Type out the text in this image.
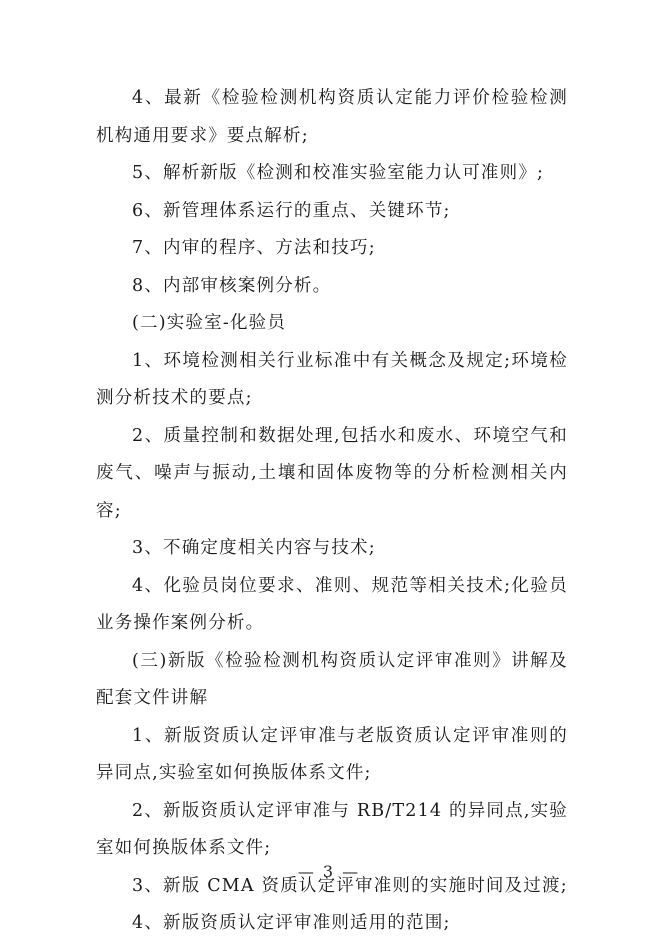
4、最新《检验检测机构资质认定能力评价检验检测机构通用要求》要点解析;

5、解析新版《检测和校准实验室能力认可准则》;

6、新管理体系运行的重点、关键环节;

7、内审的程序、方法和技巧;

8、内部审核案例分析。

(二)实验室-化验员

1、环境检测相关行业标准中有关概念及规定;环境检测分析技术的要点;

2、质量控制和数据处理,包括水和废水、环境空气和废气、噪声与振动,土壤和固体废物等的分析检测相关内容;

3、不确定度相关内容与技术;

4、化验员岗位要求、准则、规范等相关技术;化验员业务操作案例分析。

(三)新版《检验检测机构资质认定评审准则》讲解及配套文件讲解

1、新版资质认定评审准与老版资质认定评审准则的异同点,实验室如何换版体系文件;

2、新版资质认定评审准与 RB/T214 的异同点,实验室如何换版体系文件;

3、新版 CMA 资质认定评审准则的实施时间及过渡;

4、新版资质认定评审准则适用的范围;

— 3 —
